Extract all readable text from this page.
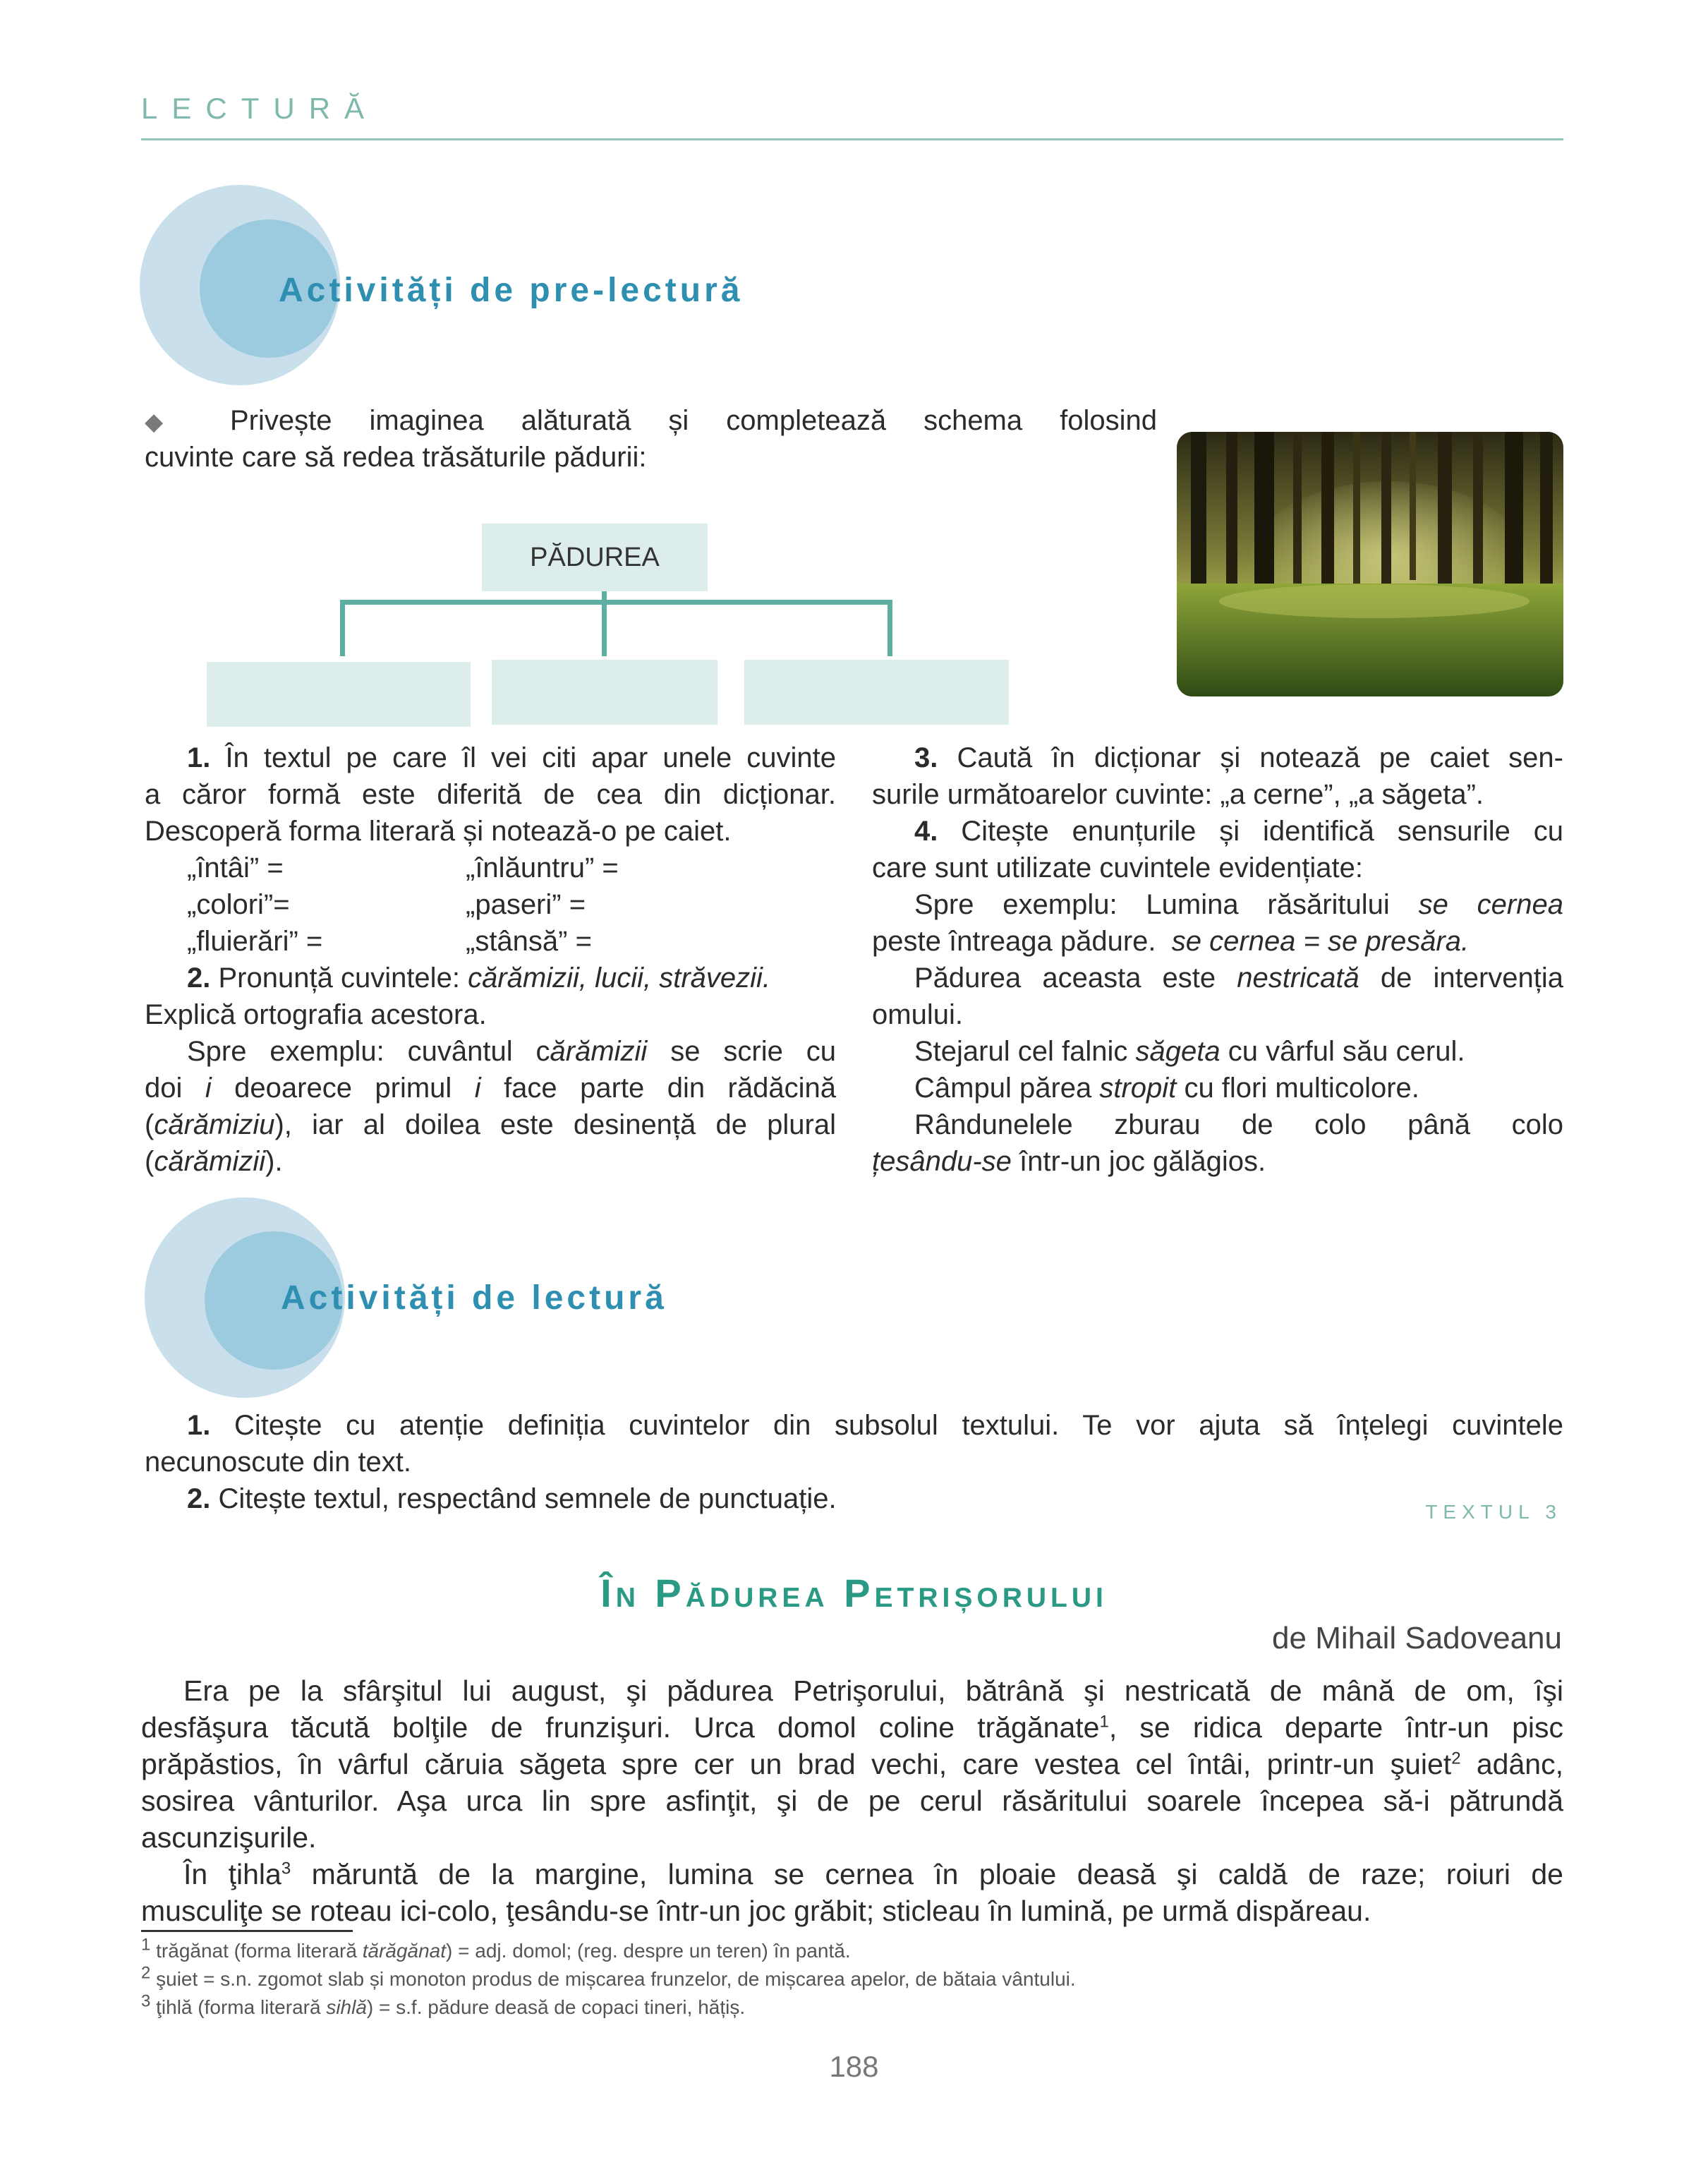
LECTURĂ
Activități de pre-lectură
◆ Privește imaginea alăturată și completează schema folosind
cuvinte care să redea trăsăturile pădurii:
PĂDUREA
1. În textul pe care îl vei citi apar unele cuvinte
a căror formă este diferită de cea din dicționar.
Descoperă forma literară și notează-o pe caiet.
„întâi” =	„înlăuntru” =
„colori”=	„paseri” =
„fluierări” =	„stânsă” =
2. Pronunță cuvintele: cărămizii, lucii, străvezii.
Explică ortografia acestora.
Spre exemplu: cuvântul cărămizii se scrie cu
doi i deoarece primul i face parte din rădăcină
(cărămiziu), iar al doilea este desinență de plural
(cărămizii).
3. Caută în dicționar și notează pe caiet sen-
surile următoarelor cuvinte: „a cerne”, „a săgeta”.
4. Citește enunțurile și identifică sensurile cu
care sunt utilizate cuvintele evidențiate:
Spre exemplu: Lumina răsăritului se cernea
peste întreaga pădure. se cernea = se presăra.
Pădurea aceasta este nestricată de intervenția
omului.
Stejarul cel falnic săgeta cu vârful său cerul.
Câmpul părea stropit cu flori multicolore.
Rândunelele zburau de colo până colo
țesându-se într-un joc gălăgios.
Activități de lectură
1. Citește cu atenție definiția cuvintelor din subsolul textului. Te vor ajuta să înțelegi cuvintele
necunoscute din text.
2. Citește textul, respectând semnele de punctuație.	TEXTUL 3
În Pădurea Petrișorului
de Mihail Sadoveanu
Era pe la sfârşitul lui august, şi pădurea Petrişorului, bătrână şi nestricată de mână de om, îşi
desfăşura tăcută bolţile de frunzişuri. Urca domol coline trăgănate$^1$, se ridica departe într-un pisc
prăpăstios, în vârful căruia săgeta spre cer un brad vechi, care vestea cel întâi, printr-un şuiet$^2$ adânc,
sosirea vânturilor. Aşa urca lin spre asfinţit, şi de pe cerul răsăritului soarele începea să-i pătrundă
ascunzişurile.
În ţihla$^3$ măruntă de la margine, lumina se cernea în ploaie deasă şi caldă de raze; roiuri de
musculiţe se roteau ici-colo, ţesându-se într-un joc grăbit; sticleau în lumină, pe urmă dispăreau.
$^1$ trăgănat (forma literară tărăgănat) = adj. domol; (reg. despre un teren) în pantă.
$^2$ şuiet = s.n. zgomot slab și monoton produs de mișcarea frunzelor, de mișcarea apelor, de bătaia vântului.
$^3$ ţihlă (forma literară sihlă) = s.f. pădure deasă de copaci tineri, hățiș.
188
